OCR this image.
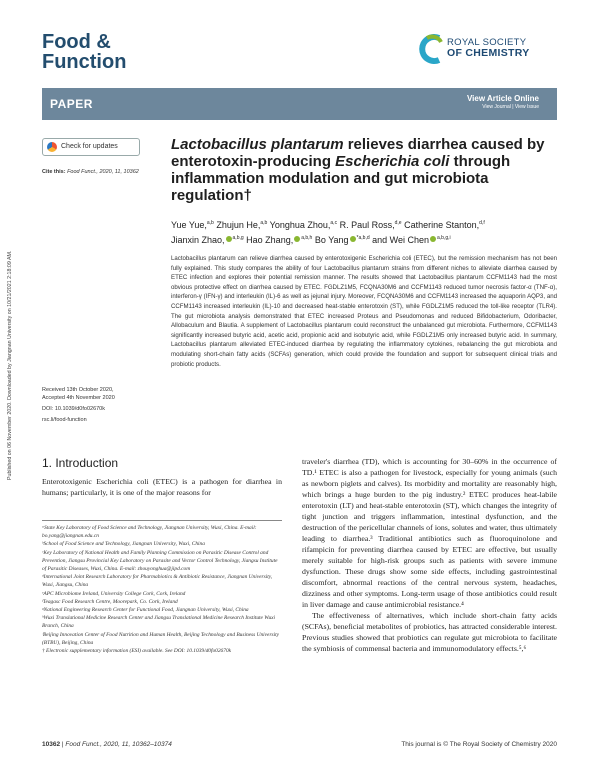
Published on 06 November 2020. Downloaded by Jiangnan University on 10/21/2021 2:18:09 AM.
Food &
Function
ROYAL SOCIETY
OF CHEMISTRY
PAPER	View Article Online
View Journal | View Issue
Check for updates
Cite this: Food Funct., 2020, 11, 10362
Lactobacillus plantarum relieves diarrhea caused by enterotoxin-producing Escherichia coli through inflammation modulation and gut microbiota regulation†
Yue Yue,$^{a,b}$ Zhujun He,$^{a,b}$ Yonghua Zhou,$^{a,c}$ R. Paul Ross,$^{d,e}$ Catherine Stanton,$^{d,f}$
Jianxin Zhao, $^{a,b,g}$ Hao Zhang, $^{a,b,h}$ Bo Yang $^{*a,b,d}$ and Wei Chen $^{a,b,g,i}$
Lactobacillus plantarum can relieve diarrhea caused by enterotoxigenic Escherichia coli (ETEC), but the remission mechanism has not been fully explained. This study compares the ability of four Lactobacillus plantarum strains from different niches to alleviate diarrhea caused by ETEC infection and explores their potential remission manner. The results showed that Lactobacillus plantarum CCFM1143 had the most obvious protective effect on diarrhea caused by ETEC. FGDLZ1M5, FCQNA30M6 and CCFM1143 reduced tumor necrosis factor-α (TNF-α), interferon-γ (IFN-γ) and interleukin (IL)-6 as well as jejunal injury. Moreover, FCQNA30M6 and CCFM1143 increased the aquaporin AQP3, and CCFM1143 increased interleukin (IL)-10 and decreased heat-stable enterotoxin (ST), while FGDLZ1M5 reduced the toll-like receptor (TLR4). The gut microbiota analysis demonstrated that ETEC increased Proteus and Pseudomonas and reduced Bifidobacterium, Odoribacter, Allobaculum and Blautia. A supplement of Lactobacillus plantarum could reconstruct the unbalanced gut microbiota. Furthermore, CCFM1143 significantly increased butyric acid, acetic acid, propionic acid and isobutyric acid, while FGDLZ1M5 only increased butyric acid. In summary, Lactobacillus plantarum alleviated ETEC-induced diarrhea by regulating the inflammatory cytokines, rebalancing the gut microbiota and modulating short-chain fatty acids (SCFAs) generation, which could provide the foundation and support for subsequent clinical trials and probiotic products.
Received 13th October 2020,
Accepted 4th November 2020
DOI: 10.1039/d0fo02670k
rsc.li/food-function
1. Introduction
Enterotoxigenic Escherichia coli (ETEC) is a pathogen for diarrhea in humans; particularly, it is one of the major reasons for

ᵃState Key Laboratory of Food Science and Technology, Jiangnan University, Wuxi, China. E-mail: bo.yang@jiangnan.edu.cn

ᵇSchool of Food Science and Technology, Jiangnan University, Wuxi, China

ᶜKey Laboratory of National Health and Family Planning Commission on Parasitic Disease Control and Prevention, Jiangsu Provincial Key Laboratory on Parasite and Vector Control Technology, Jiangsu Institute of Parasitic Diseases, Wuxi, China. E-mail: zhouyonghua@jipd.com

ᵈInternational Joint Research Laboratory for Pharmabiotics & Antibiotic Resistance, Jiangnan University, Wuxi, Jiangsu, China

ᵉAPC Microbiome Ireland, University College Cork, Cork, Ireland

ᶠTeagasc Food Research Centre, Moorepark, Co. Cork, Ireland

ᵍNational Engineering Research Center for Functional Food, Jiangnan University, Wuxi, China

ʰWuxi Translational Medicine Research Center and Jiangsu Translational Medicine Research Institute Wuxi Branch, China

ⁱBeijing Innovation Center of Food Nutrition and Human Health, Beijing Technology and Business University (BTBU), Beijing, China

† Electronic supplementary information (ESI) available. See DOI: 10.1039/d0fo02670k

traveler's diarrhea (TD), which is accounting for 30–60% in the occurrence of TD.¹ ETEC is also a pathogen for livestock, especially for young animals (such as newborn piglets and calves). Its morbidity and mortality are reasonably high, which brings a huge burden to the pig industry.² ETEC produces heat-labile enterotoxin (LT) and heat-stable enterotoxin (ST), which changes the integrity of tight junction and triggers inflammation, intestinal dysfunction, and the destruction of the pericellular channels of ions, solutes and water, thus ultimately leading to diarrhea.³ Traditional antibiotics such as fluoroquinolone and rifampicin for preventing diarrhea caused by ETEC are effective, but usually merely suitable for high-risk groups such as patients with severe immune dysfunction. These drugs show some side effects, including gastrointestinal discomfort, abnormal reactions of the central nervous system, headaches, dizziness and other symptoms. Long-term usage of those antibiotics could result in liver damage and cause antimicrobial resistance.⁴
The effectiveness of alternatives, which include short-chain fatty acids (SCFAs), beneficial metabolites of probiotics, has attracted considerable interest. Previous studies showed that probiotics can regulate gut microbiota to facilitate the symbiosis of commensal bacteria and immunomodulatory effects.⁵,⁶
10362 | Food Funct., 2020, 11, 10362–10374	This journal is © The Royal Society of Chemistry 2020
